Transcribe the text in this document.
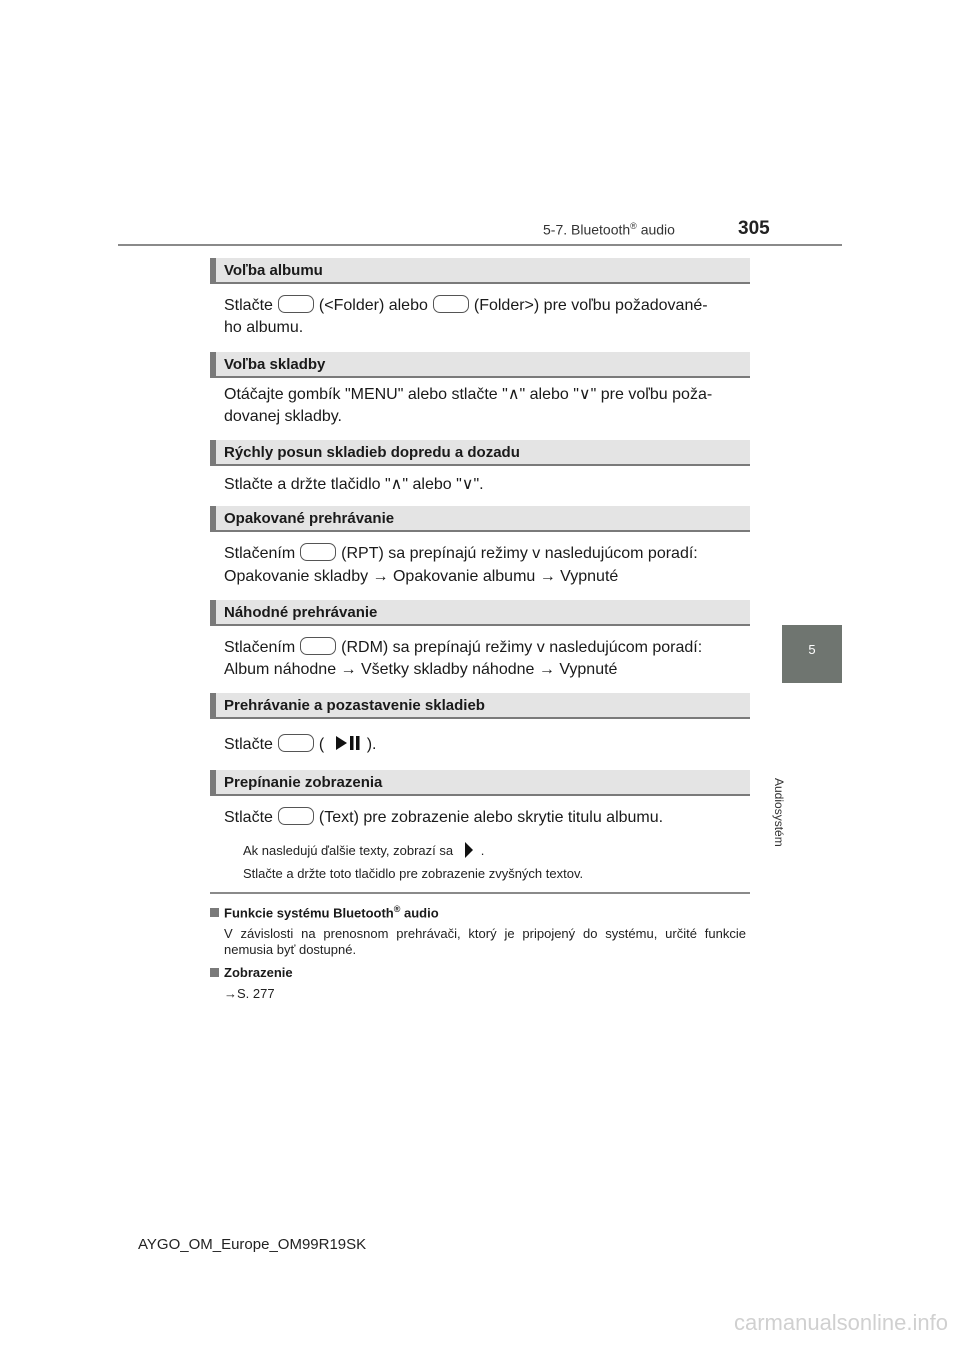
5-7. Bluetooth® audio	305
5
Audiosystém
Voľba albumu
Stlačte	(<Folder) alebo	(Folder>) pre voľbu požadované-
ho albumu.
Voľba skladby
Otáčajte gombík "MENU" alebo stlačte "∧" alebo "∨" pre voľbu poža-
dovanej skladby.
Rýchly posun skladieb dopredu a dozadu
Stlačte a držte tlačidlo "∧" alebo "∨".
Opakované prehrávanie
Stlačením	(RPT) sa prepínajú režimy v nasledujúcom poradí:
Opakovanie skladby → Opakovanie albumu → Vypnuté
Náhodné prehrávanie
Stlačením	(RDM) sa prepínajú režimy v nasledujúcom poradí:
Album náhodne → Všetky skladby náhodne → Vypnuté
Prehrávanie a pozastavenie skladieb
Stlačte	(	).
Prepínanie zobrazenia
Stlačte	(Text) pre zobrazenie alebo skrytie titulu albumu.
Ak nasledujú ďalšie texty, zobrazí sa .
Stlačte a držte toto tlačidlo pre zobrazenie zvyšných textov.
Funkcie systému Bluetooth® audio
V závislosti na prenosnom prehrávači, ktorý je pripojený do systému, určité funkcie nemusia byť dostupné.
Zobrazenie
→S. 277
AYGO_OM_Europe_OM99R19SK
carmanualsonline.info
